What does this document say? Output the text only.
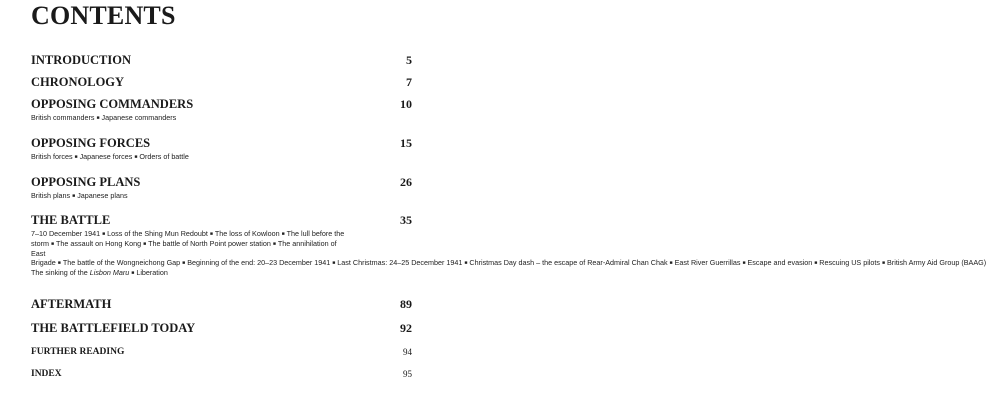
CONTENTS
INTRODUCTION	5
CHRONOLOGY	7
OPPOSING COMMANDERS	10
British commanders ■ Japanese commanders
OPPOSING FORCES	15
British forces ■ Japanese forces ■ Orders of battle
OPPOSING PLANS	26
British plans ■ Japanese plans
THE BATTLE	35
7–10 December 1941 ■ Loss of the Shing Mun Redoubt ■ The loss of Kowloon ■ The lull before the storm ■ The assault on Hong Kong ■ The battle of North Point power station ■ The annihilation of East Brigade ■ The battle of the Wongneichong Gap ■ Beginning of the end: 20–23 December 1941 ■ Last Christmas: 24–25 December 1941 ■ Christmas Day dash – the escape of Rear-Admiral Chan Chak ■ East River Guerrillas ■ Escape and evasion ■ Rescuing US pilots ■ British Army Aid Group (BAAG) The sinking of the Lisbon Maru ■ Liberation
AFTERMATH	89
THE BATTLEFIELD TODAY	92
FURTHER READING	94
INDEX	95
